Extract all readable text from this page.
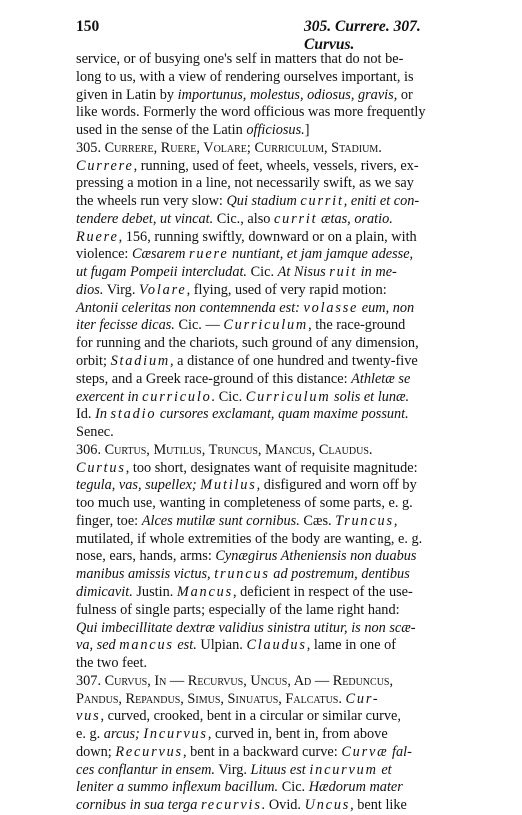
150	305. Currere. 307. Curvus.
service, or of busying one's self in matters that do not be-
long to us, with a view of rendering ourselves important, is
given in Latin by importunus, molestus, odiosus, gravis, or
like words. Formerly the word officious was more frequently
used in the sense of the Latin officiosus.]
305. Currere, Ruere, Volare; Curriculum, Stadium.
Currere, running, used of feet, wheels, vessels, rivers, ex-
pressing a motion in a line, not necessarily swift, as we say
the wheels run very slow: Qui stadium currit, eniti et con-
tendere debet, ut vincat. Cic., also currit ætas, oratio.
Ruere, 156, running swiftly, downward or on a plain, with
violence: Cæsarem ruere nuntiant, et jam jamque adesse,
ut fugam Pompeii intercludat. Cic. At Nisus ruit in me-
dios. Virg. Volare, flying, used of very rapid motion:
Antonii celeritas non contemnenda est: volasse eum, non
iter fecisse dicas. Cic. — Curriculum, the race-ground
for running and the chariots, such ground of any dimension,
orbit; Stadium, a distance of one hundred and twenty-five
steps, and a Greek race-ground of this distance: Athletæ se
exercent in curriculo. Cic. Curriculum solis et lunæ.
Id. In stadio cursores exclamant, quam maxime possunt.
Senec.
306. Curtus, Mutilus, Truncus, Mancus, Claudus.
Curtus, too short, designates want of requisite magnitude:
tegula, vas, supellex; Mutilus, disfigured and worn off by
too much use, wanting in completeness of some parts, e. g.
finger, toe: Alces mutilæ sunt cornibus. Cæs. Truncus,
mutilated, if whole extremities of the body are wanting, e. g.
nose, ears, hands, arms: Cynægirus Atheniensis non duabus
manibus amissis victus, truncus ad postremum, dentibus
dimicavit. Justin. Mancus, deficient in respect of the use-
fulness of single parts; especially of the lame right hand:
Qui imbecillitate dextræ validius sinistra utitur, is non scæ-
va, sed mancus est. Ulpian. Claudus, lame in one of
the two feet.
307. Curvus, In — Recurvus, Uncus, Ad — Reduncus,
Pandus, Repandus, Simus, Sinuatus, Falcatus. Cur-
vus, curved, crooked, bent in a circular or similar curve,
e. g. arcus; Incurvus, curved in, bent in, from above
down; Recurvus, bent in a backward curve: Curvæ fal-
ces conflantur in ensem. Virg. Lituus est incurvum et
leniter a summo inflexum bacillum. Cic. Hædorum mater
cornibus in sua terga recurvis. Ovid. Uncus, bent like
